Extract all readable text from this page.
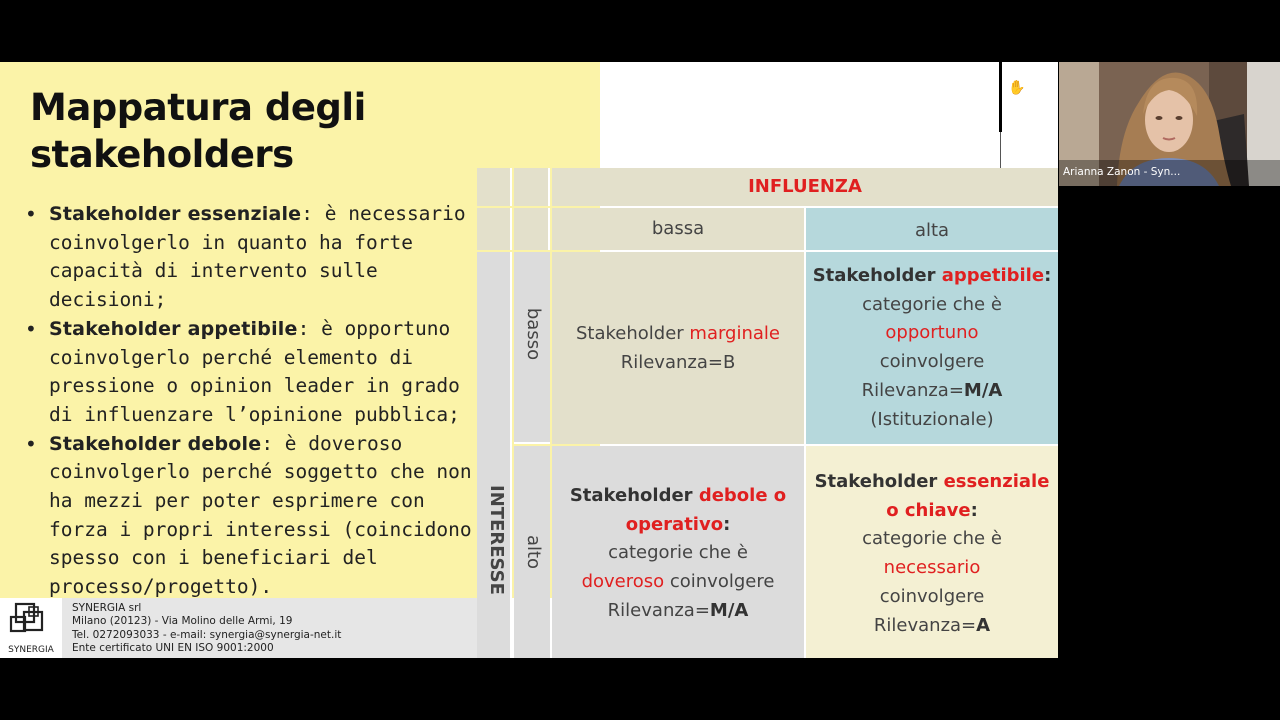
Mappatura degli
stakeholders
• Stakeholder essenziale: è necessario coinvolgerlo in quanto ha forte capacità di intervento sulle decisioni;
• Stakeholder appetibile: è opportuno coinvolgerlo perché elemento di pressione o opinion leader in grado di influenzare l’opinione pubblica;
• Stakeholder debole: è doveroso coinvolgerlo perché soggetto che non ha mezzi per poter esprimere con forza i propri interessi (coincidono spesso con i beneficiari del processo/progetto).
✋
SYNERGIA
SYNERGIA srl
Milano (20123) - Via Molino delle Armi, 19
Tel. 0272093033 - e-mail: synergia@synergia-net.it
Ente certificato UNI EN ISO 9001:2000
INFLUENZA
bassa	alta
INTERESSE
basso
alto
Stakeholder marginale
Rilevanza=B
Stakeholder appetibile:
categorie che è
opportuno
coinvolgere
Rilevanza=M/A
(Istituzionale)
Stakeholder debole o
operativo:
categorie che è
doveroso coinvolgere
Rilevanza=M/A
Stakeholder essenziale
o chiave:
categorie che è
necessario
coinvolgere
Rilevanza=A
Arianna Zanon - Syn...
